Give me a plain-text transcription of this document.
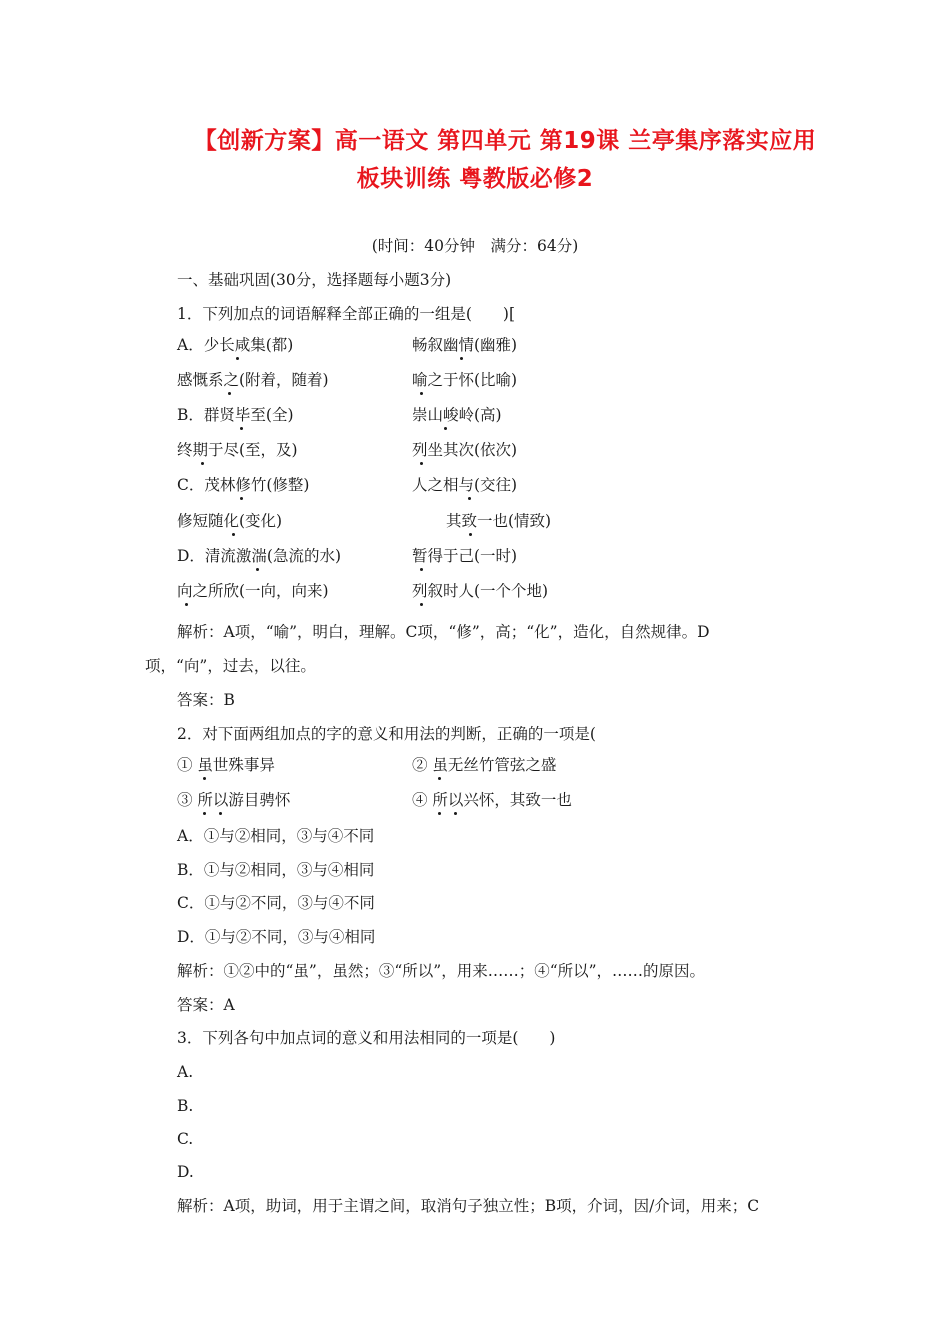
【创新方案】高一语文 第四单元 第19课 兰亭集序落实应用
板块训练 粤教版必修2
(时间：40分钟　满分：64分)
一、基础巩固(30分，选择题每小题3分)
1．下列加点的词语解释全部正确的一组是(　　)[
A．少长咸集(都)	畅叙幽情(幽雅)
感慨系之(附着，随着)	喻之于怀(比喻)
B．群贤毕至(全)	崇山峻岭(高)
终期于尽(至，及)	列坐其次(依次)
C．茂林修竹(修整)	人之相与(交往)
修短随化(变化)	其致一也(情致)
D．清流激湍(急流的水)	暂得于己(一时)
向之所欣(一向，向来)	列叙时人(一个个地)
解析：A项，“喻”，明白，理解。C项，“修”，高；“化”，造化，自然规律。D
项，“向”，过去，以往。
答案：B
2．对下面两组加点的字的意义和用法的判断，正确的一项是(
① 虽世殊事异	② 虽无丝竹管弦之盛
③ 所以游目骋怀	④ 所以兴怀，其致一也
A．①与②相同，③与④不同
B．①与②相同，③与④相同
C．①与②不同，③与④不同
D．①与②不同，③与④相同
解析：①②中的“虽”，虽然；③“所以”，用来……；④“所以”，……的原因。
答案：A
3．下列各句中加点词的意义和用法相同的一项是(　　)
A.
B.
C.
D.
解析：A项，助词，用于主谓之间，取消句子独立性；B项，介词，因/介词，用来；C
